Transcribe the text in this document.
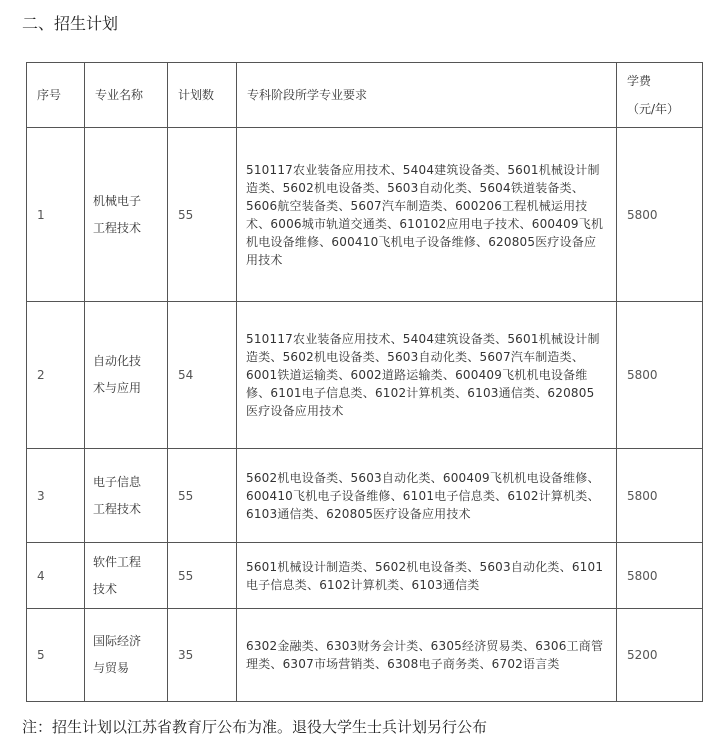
二、招生计划
序号	专业名称	计划数	专科阶段所学专业要求	学费
（元/年）

1	机械电子
工程技术	55	510117农业装备应用技术、5404建筑设备类、5601机械设计制造类、5602机电设备类、5603自动化类、5604铁道装备类、5606航空装备类、5607汽车制造类、600206工程机械运用技术、6006城市轨道交通类、610102应用电子技术、600409飞机机电设备维修、600410飞机电子设备维修、620805医疗设备应用技术	5800

2	自动化技
术与应用	54	510117农业装备应用技术、5404建筑设备类、5601机械设计制造类、5602机电设备类、5603自动化类、5607汽车制造类、6001铁道运输类、6002道路运输类、600409飞机机电设备维修、6101电子信息类、6102计算机类、6103通信类、620805医疗设备应用技术	5800

3	电子信息
工程技术	55	5602机电设备类、5603自动化类、600409飞机机电设备维修、600410飞机电子设备维修、6101电子信息类、6102计算机类、6103通信类、620805医疗设备应用技术	5800

4	软件工程
技术	55	5601机械设计制造类、5602机电设备类、5603自动化类、6101电子信息类、6102计算机类、6103通信类	5800

5	国际经济
与贸易	35	6302金融类、6303财务会计类、6305经济贸易类、6306工商管理类、6307市场营销类、6308电子商务类、6702语言类	5200
注：招生计划以江苏省教育厅公布为准。退役大学生士兵计划另行公布
